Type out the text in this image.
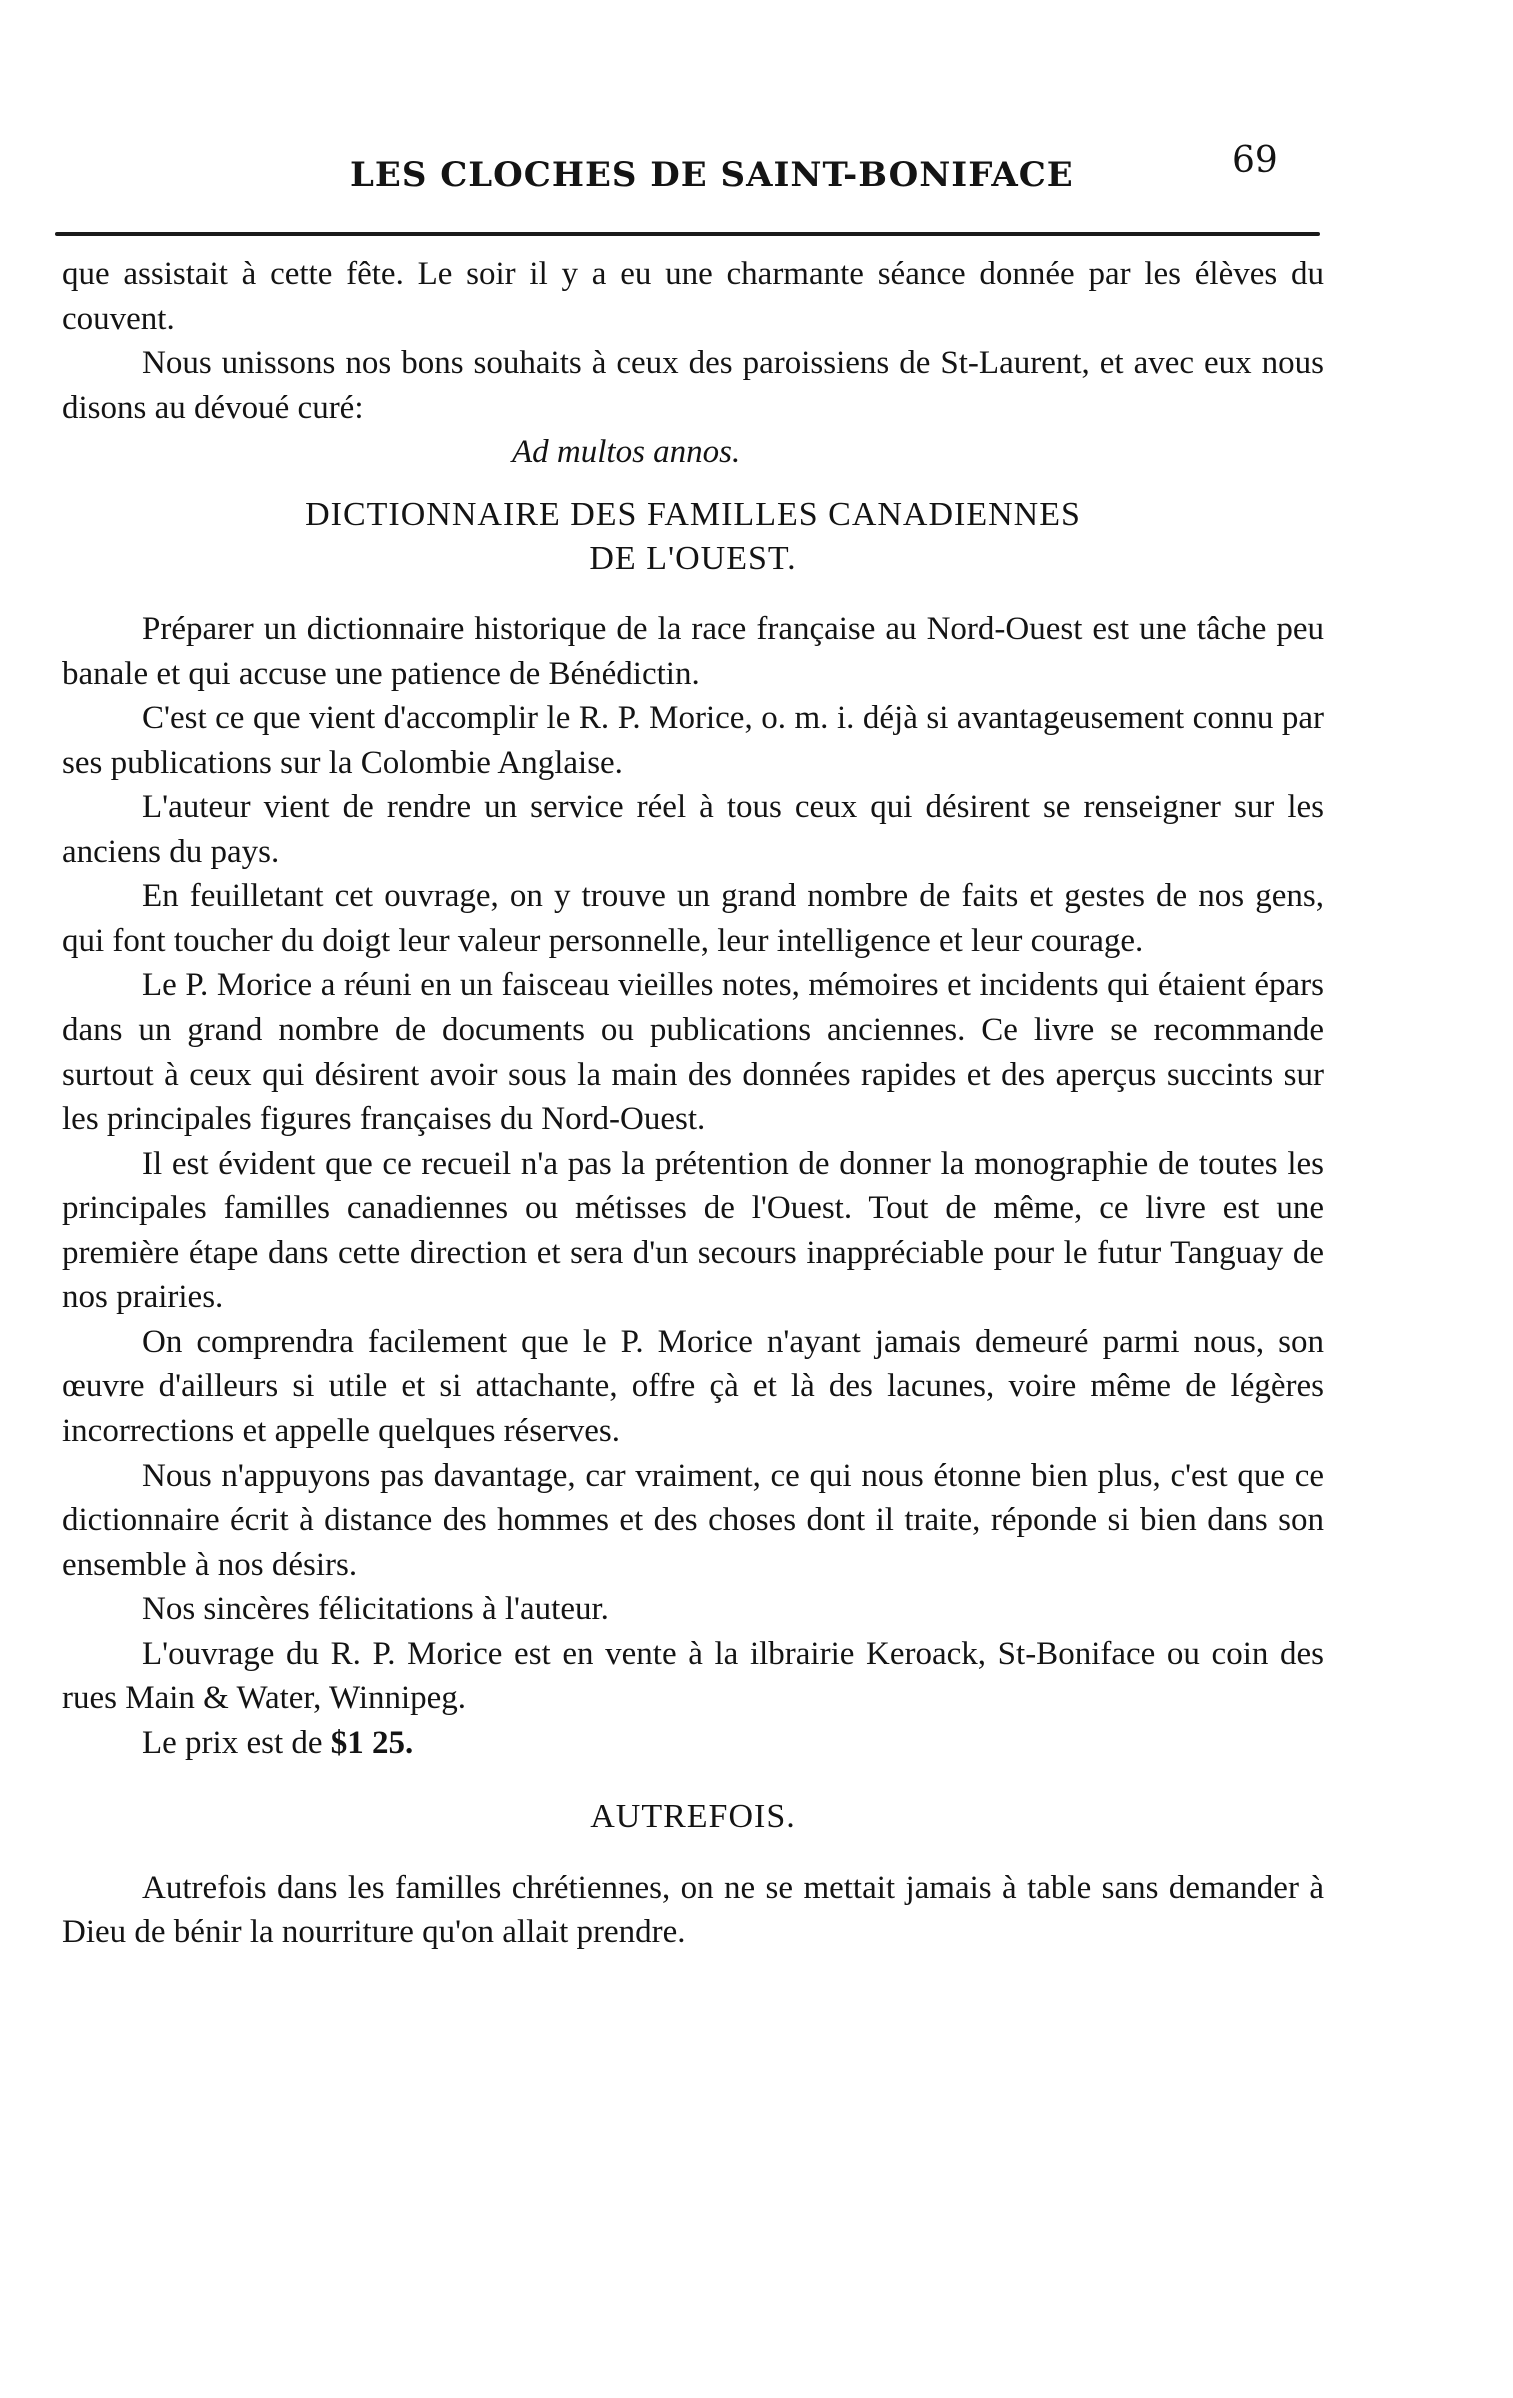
LES CLOCHES DE SAINT-BONIFACE	69

que assistait à cette fête. Le soir il y a eu une charmante séance donnée par les élèves du couvent.

Nous unissons nos bons souhaits à ceux des paroissiens de St-Laurent, et avec eux nous disons au dévoué curé:

Ad multos annos.

DICTIONNAIRE DES FAMILLES CANADIENNES
DE L'OUEST.

Préparer un dictionnaire historique de la race française au Nord-Ouest est une tâche peu banale et qui accuse une patience de Bénédictin.

C'est ce que vient d'accomplir le R. P. Morice, o. m. i. déjà si avantageusement connu par ses publications sur la Colombie Anglaise.

L'auteur vient de rendre un service réel à tous ceux qui désirent se renseigner sur les anciens du pays.

En feuilletant cet ouvrage, on y trouve un grand nombre de faits et gestes de nos gens, qui font toucher du doigt leur valeur personnelle, leur intelligence et leur courage.

Le P. Morice a réuni en un faisceau vieilles notes, mémoires et incidents qui étaient épars dans un grand nombre de documents ou publications anciennes. Ce livre se recommande surtout à ceux qui désirent avoir sous la main des données rapides et des aperçus succints sur les principales figures françaises du Nord-Ouest.

Il est évident que ce recueil n'a pas la prétention de donner la monographie de toutes les principales familles canadiennes ou métisses de l'Ouest. Tout de même, ce livre est une première étape dans cette direction et sera d'un secours inappréciable pour le futur Tanguay de nos prairies.

On comprendra facilement que le P. Morice n'ayant jamais demeuré parmi nous, son œuvre d'ailleurs si utile et si attachante, offre çà et là des lacunes, voire même de légères incorrections et appelle quelques réserves.

Nous n'appuyons pas davantage, car vraiment, ce qui nous étonne bien plus, c'est que ce dictionnaire écrit à distance des hommes et des choses dont il traite, réponde si bien dans son ensemble à nos désirs.

Nos sincères félicitations à l'auteur.

L'ouvrage du R. P. Morice est en vente à la ilbrairie Keroack, St-Boniface ou coin des rues Main & Water, Winnipeg.

Le prix est de $1 25.

AUTREFOIS.

Autrefois dans les familles chrétiennes, on ne se mettait jamais à table sans demander à Dieu de bénir la nourriture qu'on allait prendre.
